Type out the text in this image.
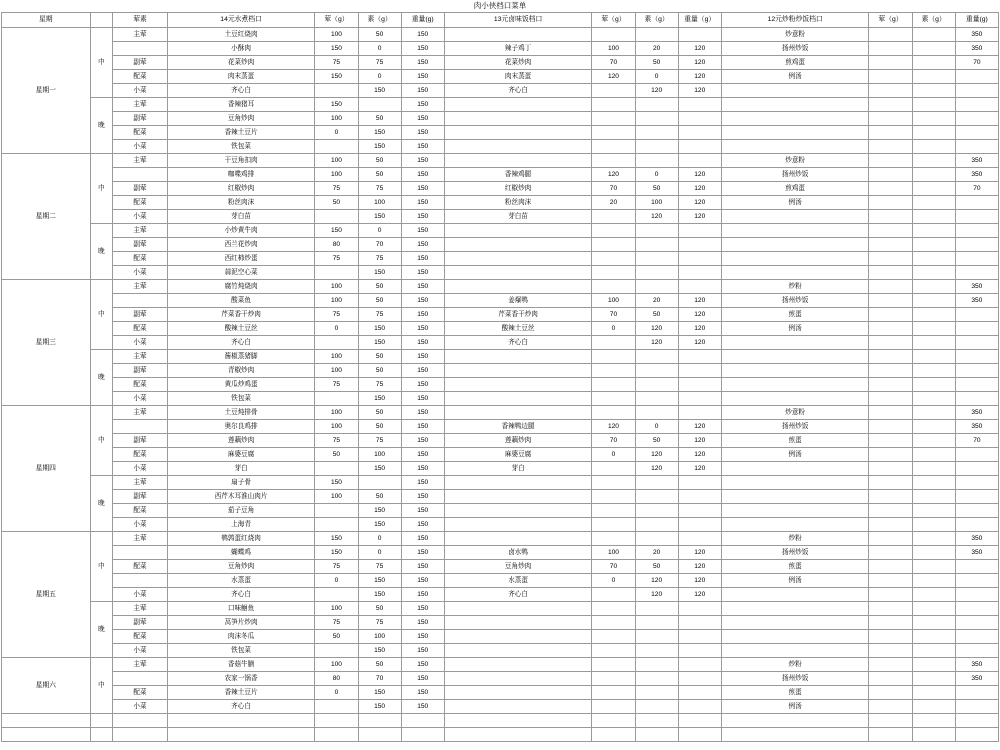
肉小侠档口菜单
星期		荤素	14元水煮档口	荤（g）	素（g）	重量(g)	13元卤味饭档口	荤（g）	素（g）	重量（g）	12元炒粉炒饭档口	荤（g）	素（g）	重量(g)
星期一	中	主荤	土豆红烧肉	100	50	150					炒意粉			350
			小酥肉	150	0	150	辣子鸡丁	100	20	120	扬州炒饭			350
		副荤	花菜炒肉	75	75	150	花菜炒肉	70	50	120	煎鸡蛋			70
		配菜	肉末蒸蛋	150	0	150	肉末蒸蛋	120	0	120	例汤			
		小菜	齐心白		150	150	齐心白		120	120				
	晚	主荤	香辣猪耳	150		150								
		副荤	豆角炒肉	100	50	150								
		配菜	香辣土豆片	0	150	150								
		小菜	铁包菜		150	150								
星期二	中	主荤	干豆角扣肉	100	50	150					炒意粉			350
			咖喋鸡排	100	50	150	香辣鸡腿	120	0	120	扬州炒饭			350
		副荤	红椒炒肉	75	75	150	红椒炒肉	70	50	120	煎鸡蛋			70
		配菜	粉丝肉沫	50	100	150	粉丝肉沫	20	100	120	例汤			
		小菜	芽白苗		150	150	芽白苗		120	120				
	晚	主荤	小炒黄牛肉	150	0	150								
		副荤	西兰花炒肉	80	70	150								
		配菜	西红柿炒蛋	75	75	150								
		小菜	蒜泥空心菜		150	150								
星期三	中	主荤	腐竹炖烧肉	100	50	150					炒粉			350
			酸菜鱼	100	50	150	姜爆鸭	100	20	120	扬州炒饭			350
		副荤	芹菜香干炒肉	75	75	150	芹菜香干炒肉	70	50	120	煎蛋			
		配菜	酸辣土豆丝	0	150	150	酸辣土豆丝	0	120	120	例汤			
		小菜	齐心白		150	150	齐心白		120	120				
	晚	主荤	酱椒蒸猪脚	100	50	150								
		副荤	青椒炒肉	100	50	150								
		配菜	黄瓜炒鸡蛋	75	75	150								
		小菜	铁包菜		150	150								
星期四	中	主荤	土豆炖排骨	100	50	150					炒意粉			350
			奥尔良鸡排	100	50	150	香辣鸭边腿	120	0	120	扬州炒饭			350
		副荤	莲藕炒肉	75	75	150	莲藕炒肉	70	50	120	煎蛋			70
		配菜	麻婆豆腐	50	100	150	麻婆豆腐	0	120	120	例汤			
		小菜	芽白		150	150	芽白		120	120				
	晚	主荤	扇子骨	150		150								
		副荤	西芹木耳淮山肉片	100	50	150								
		配菜	茄子豆角		150	150								
		小菜	上海青		150	150								
星期五	中	主荤	鹌鹑蛋红烧肉	150	0	150					炒粉			350
			蝴蝶鸡	150	0	150	卤水鸭	100	20	120	扬州炒饭			350
		配菜	豆角炒肉	75	75	150	豆角炒肉	70	50	120	煎蛋			
			水蒸蛋	0	150	150	水蒸蛋	0	120	120	例汤			
		小菜	齐心白		150	150	齐心白		120	120				
	晚	主荤	口味鮰鱼	100	50	150								
		副荤	莴笋片炒肉	75	75	150								
		配菜	肉沫冬瓜	50	100	150								
		小菜	铁包菜		150	150								
星期六	中	主荤	香菇牛腩	100	50	150					炒粉			350
			农家一锅香	80	70	150					扬州炒饭			350
		配菜	香辣土豆片	0	150	150					煎蛋			
		小菜	齐心白		150	150					例汤			
